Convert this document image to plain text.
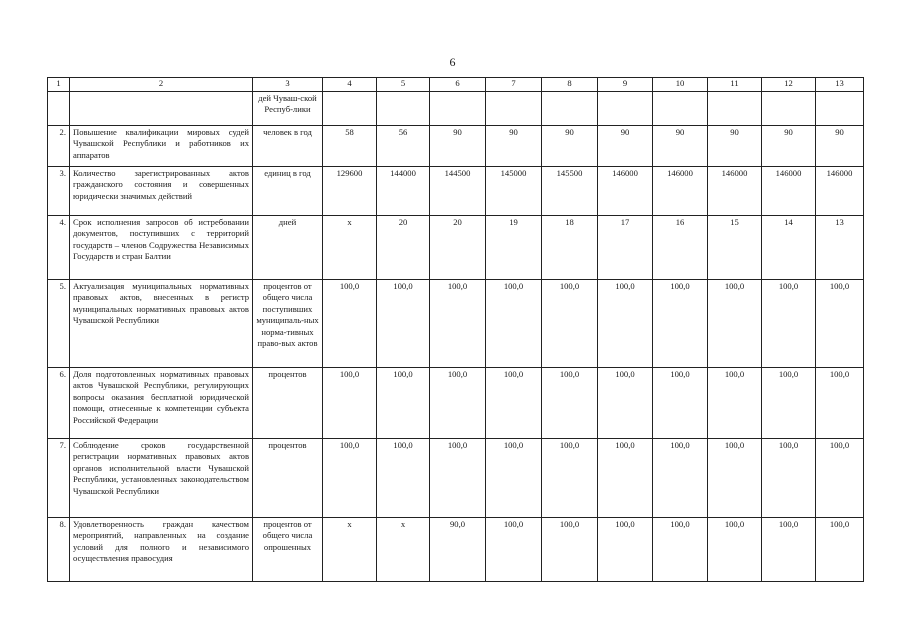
6
1	2	3	4	5	6	7	8	9	10	11	12	13
		дей Чуваш-ской Респуб-лики										
2.	Повышение квалификации мировых судей Чувашской Республики и работников их аппаратов	человек в год	58	56	90	90	90	90	90	90	90	90
3.	Количество зарегистрированных актов гражданского состояния и совершенных юридически значимых действий	единиц в год	129600	144000	144500	145000	145500	146000	146000	146000	146000	146000
4.	Срок исполнения запросов об истребовании документов, поступивших с территорий государств – членов Содружества Независимых Государств и стран Балтии	дней	х	20	20	19	18	17	16	15	14	13
5.	Актуализация муниципальных нормативных правовых актов, внесенных в регистр муниципальных нормативных правовых актов Чувашской Республики	процентов от общего числа поступивших муниципаль-ных норма-тивных право-вых актов	100,0	100,0	100,0	100,0	100,0	100,0	100,0	100,0	100,0	100,0
6.	Доля подготовленных нормативных правовых актов Чувашской Республики, регулирующих вопросы оказания бесплатной юридической помощи, отнесенные к компетенции субъекта Российской Федерации	процентов	100,0	100,0	100,0	100,0	100,0	100,0	100,0	100,0	100,0	100,0
7.	Соблюдение сроков государственной регистрации нормативных правовых актов органов исполнительной власти Чувашской Республики, установленных законодательством Чувашской Республики	процентов	100,0	100,0	100,0	100,0	100,0	100,0	100,0	100,0	100,0	100,0
8.	Удовлетворенность граждан качеством мероприятий, направленных на создание условий для полного и независимого осуществления правосудия	процентов от общего числа опрошенных	х	х	90,0	100,0	100,0	100,0	100,0	100,0	100,0	100,0
